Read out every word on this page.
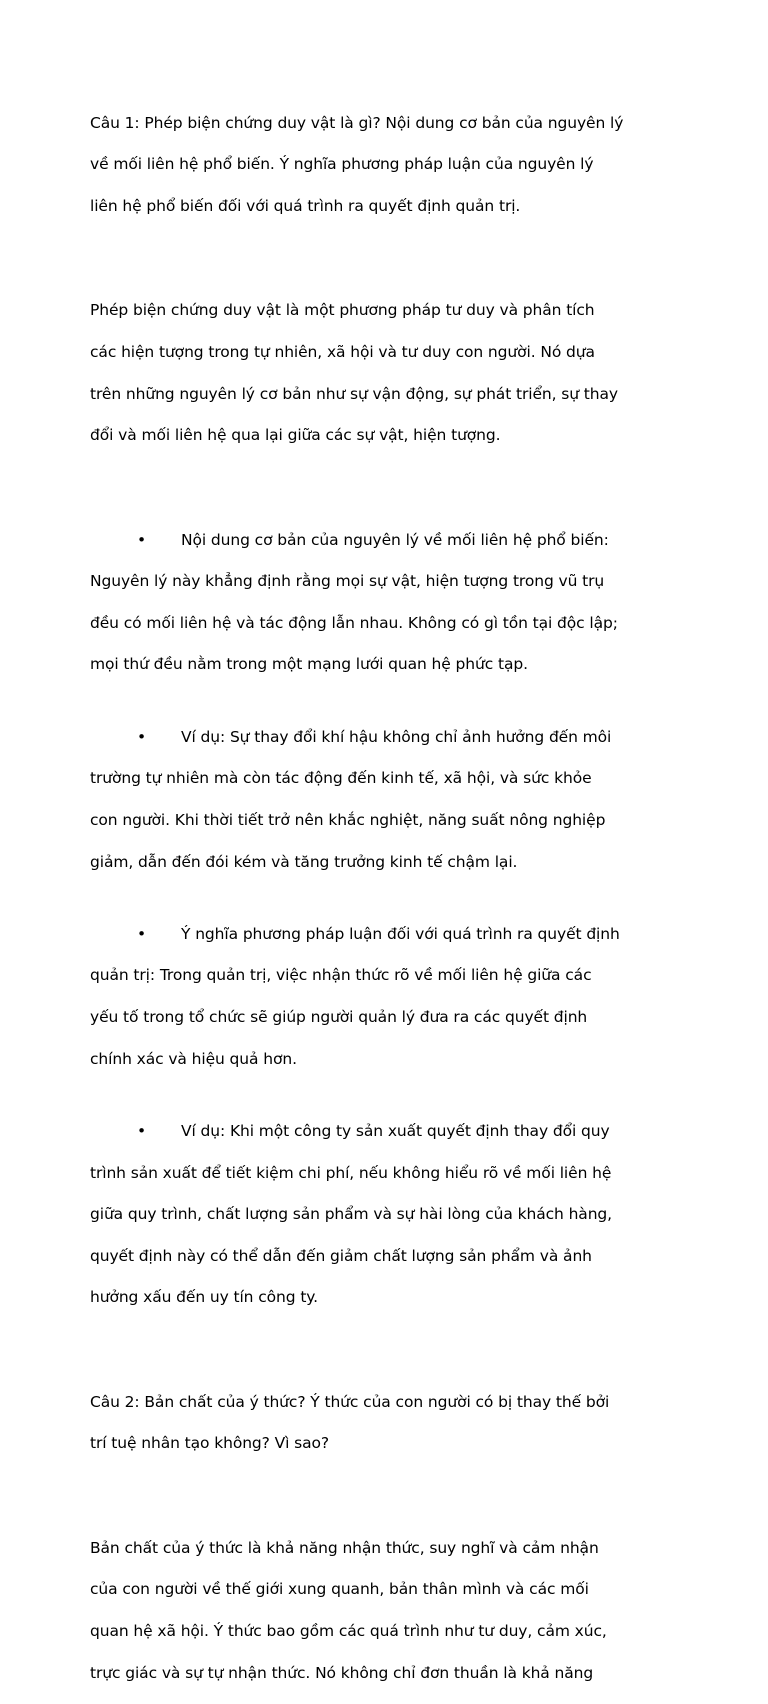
Câu 1: Phép biện chứng duy vật là gì? Nội dung cơ bản của nguyên lý

về mối liên hệ phổ biến. Ý nghĩa phương pháp luận của nguyên lý

liên hệ phổ biến đối với quá trình ra quyết định quản trị.

Phép biện chứng duy vật là một phương pháp tư duy và phân tích

các hiện tượng trong tự nhiên, xã hội và tư duy con người. Nó dựa

trên những nguyên lý cơ bản như sự vận động, sự phát triển, sự thay

đổi và mối liên hệ qua lại giữa các sự vật, hiện tượng.

• Nội dung cơ bản của nguyên lý về mối liên hệ phổ biến:

Nguyên lý này khẳng định rằng mọi sự vật, hiện tượng trong vũ trụ

đều có mối liên hệ và tác động lẫn nhau. Không có gì tồn tại độc lập;

mọi thứ đều nằm trong một mạng lưới quan hệ phức tạp.

• Ví dụ: Sự thay đổi khí hậu không chỉ ảnh hưởng đến môi

trường tự nhiên mà còn tác động đến kinh tế, xã hội, và sức khỏe

con người. Khi thời tiết trở nên khắc nghiệt, năng suất nông nghiệp

giảm, dẫn đến đói kém và tăng trưởng kinh tế chậm lại.

• Ý nghĩa phương pháp luận đối với quá trình ra quyết định

quản trị: Trong quản trị, việc nhận thức rõ về mối liên hệ giữa các

yếu tố trong tổ chức sẽ giúp người quản lý đưa ra các quyết định

chính xác và hiệu quả hơn.

• Ví dụ: Khi một công ty sản xuất quyết định thay đổi quy

trình sản xuất để tiết kiệm chi phí, nếu không hiểu rõ về mối liên hệ

giữa quy trình, chất lượng sản phẩm và sự hài lòng của khách hàng,

quyết định này có thể dẫn đến giảm chất lượng sản phẩm và ảnh

hưởng xấu đến uy tín công ty.

Câu 2: Bản chất của ý thức? Ý thức của con người có bị thay thế bởi

trí tuệ nhân tạo không? Vì sao?

Bản chất của ý thức là khả năng nhận thức, suy nghĩ và cảm nhận

của con người về thế giới xung quanh, bản thân mình và các mối

quan hệ xã hội. Ý thức bao gồm các quá trình như tư duy, cảm xúc,

trực giác và sự tự nhận thức. Nó không chỉ đơn thuần là khả năng
